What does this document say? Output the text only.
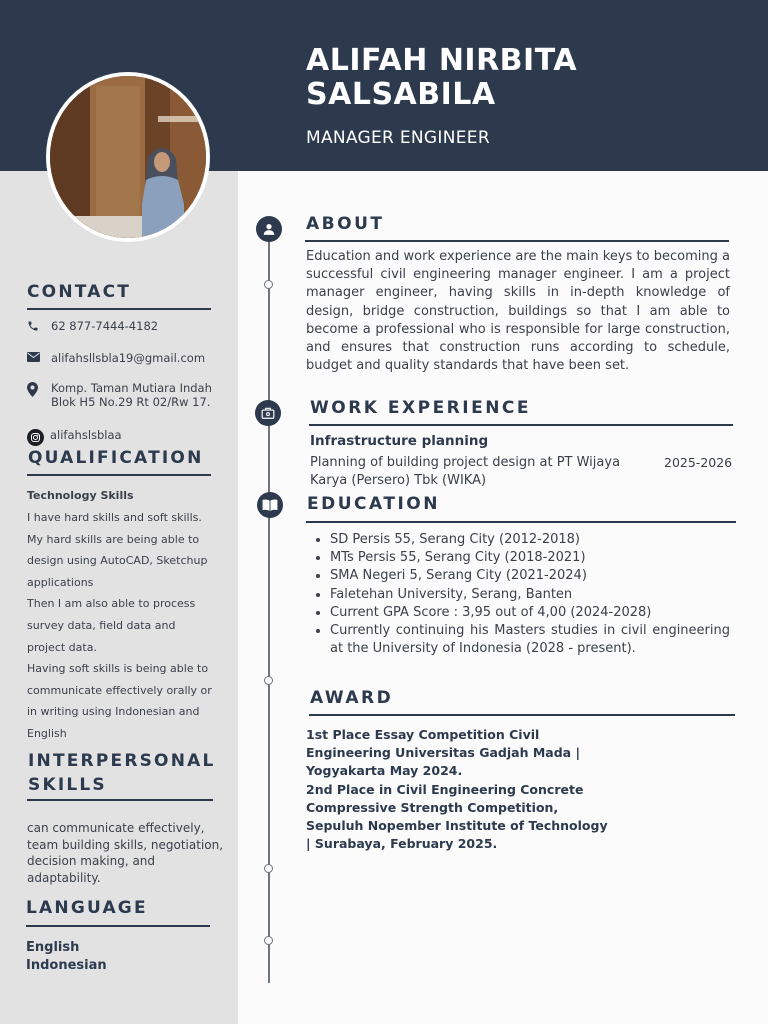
ALIFAH NIRBITA SALSABILA
MANAGER ENGINEER
CONTACT
62 877-7444-4182
alifahsllsbla19@gmail.com
Komp. Taman Mutiara Indah Blok H5 No.29 Rt 02/Rw 17.
alifahslsblaa
QUALIFICATION
Technology Skills
I have hard skills and soft skills.
My hard skills are being able to
design using AutoCAD, Sketchup
applications
Then I am also able to process
survey data, field data and
project data.
Having soft skills is being able to
communicate effectively orally or
in writing using Indonesian and
English
INTERPERSONAL
SKILLS
can communicate effectively, team building skills, negotiation, decision making, and adaptability.
LANGUAGE
English
Indonesian
ABOUT
Education and work experience are the main keys to becoming a successful civil engineering manager engineer. I am a project manager engineer, having skills in in-depth knowledge of design, bridge construction, buildings so that I am able to become a professional who is responsible for large construction, and ensures that construction runs according to schedule, budget and quality standards that have been set.
WORK EXPERIENCE
Infrastructure planning
Planning of building project design at PT Wijaya Karya (Persero) Tbk (WIKA)
2025-2026
EDUCATION
• SD Persis 55, Serang City (2012-2018)
• MTs Persis 55, Serang City (2018-2021)
• SMA Negeri 5, Serang City (2021-2024)
• Faletehan University, Serang, Banten
• Current GPA Score : 3,95 out of 4,00 (2024-2028)
• Currently continuing his Masters studies in civil engineering at the University of Indonesia (2028 - present).
AWARD
1st Place Essay Competition Civil
Engineering Universitas Gadjah Mada |
Yogyakarta May 2024.
2nd Place in Civil Engineering Concrete
Compressive Strength Competition,
Sepuluh Nopember Institute of Technology
| Surabaya, February 2025.
